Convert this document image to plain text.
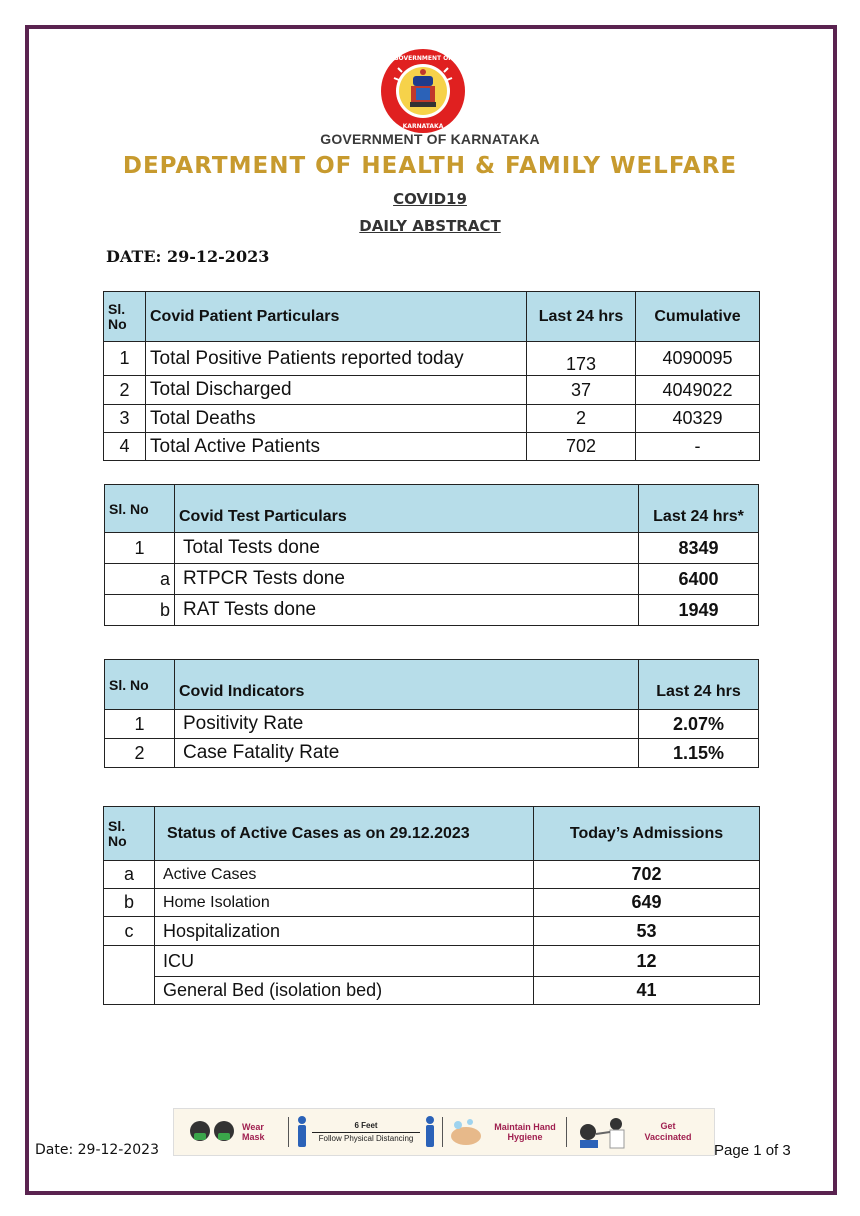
GOVERNMENT OF
KARNATAKA
GOVERNMENT OF KARNATAKA
DEPARTMENT OF HEALTH & FAMILY WELFARE
COVID19
DAILY ABSTRACT
DATE: 29-12-2023
Sl.
No	Covid Patient Particulars	Last 24 hrs	Cumulative
1	Total Positive Patients reported today	173	4090095
2	Total Discharged	37	4049022
3	Total Deaths	2	40329
4	Total Active Patients	702	-
Sl. No	Covid Test Particulars	Last 24 hrs*
1	Total Tests done	8349
a	RTPCR Tests done	6400
b	RAT Tests done	1949
Sl. No	Covid Indicators	Last 24 hrs
1	Positivity Rate	2.07%
2	Case Fatality Rate	1.15%
Sl.
No	Status of Active Cases as on 29.12.2023	Today’s Admissions
a	Active Cases	702
b	Home Isolation	649
c	Hospitalization	53
	ICU	12
	General Bed (isolation bed)	41
Date: 29-12-2023
Wear Mask
6 Feet
Follow Physical Distancing
Maintain Hand Hygiene
Get Vaccinated
Page 1 of 3
